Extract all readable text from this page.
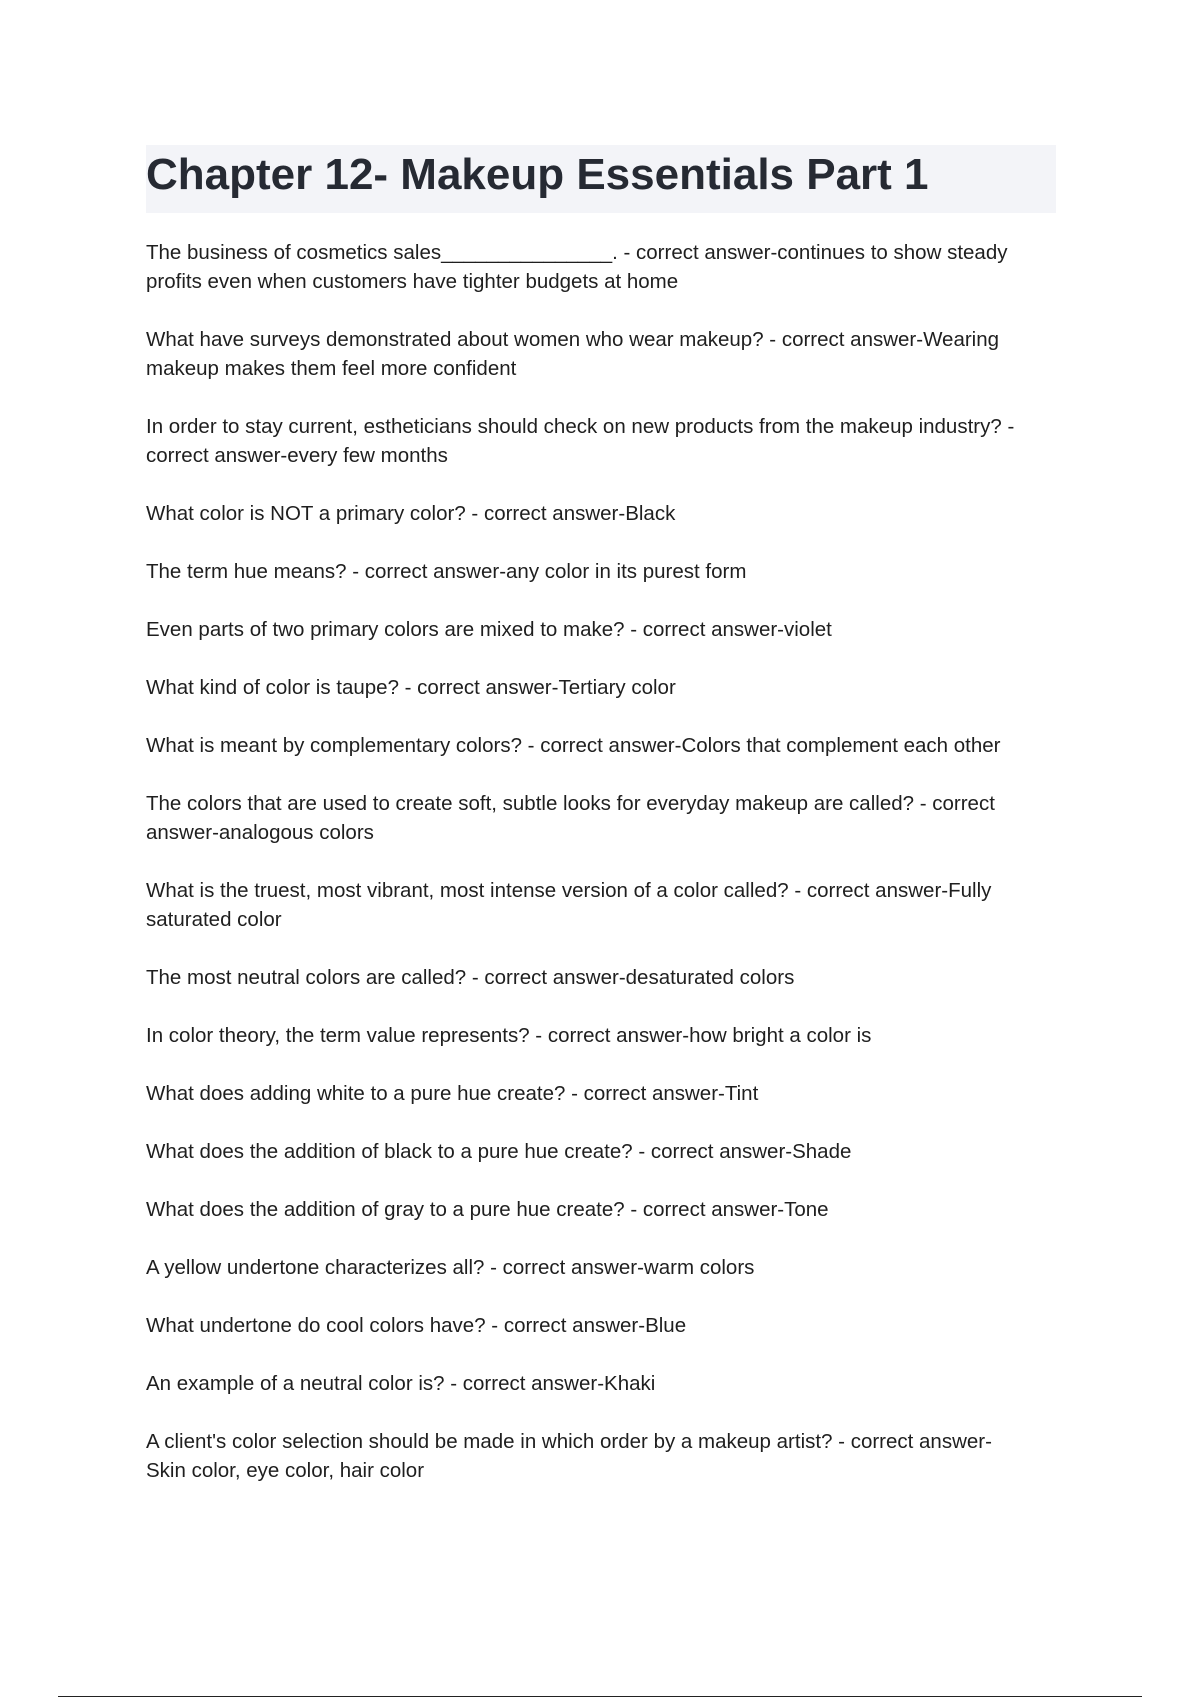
Chapter 12- Makeup Essentials Part 1
The business of cosmetics sales_______________. - correct answer-continues to show steady profits even when customers have tighter budgets at home
What have surveys demonstrated about women who wear makeup? - correct answer-Wearing makeup makes them feel more confident
In order to stay current, estheticians should check on new products from the makeup industry? - correct answer-every few months
What color is NOT a primary color? - correct answer-Black
The term hue means? - correct answer-any color in its purest form
Even parts of two primary colors are mixed to make? - correct answer-violet
What kind of color is taupe? - correct answer-Tertiary color
What is meant by complementary colors? - correct answer-Colors that complement each other
The colors that are used to create soft, subtle looks for everyday makeup are called? - correct answer-analogous colors
What is the truest, most vibrant, most intense version of a color called? - correct answer-Fully saturated color
The most neutral colors are called? - correct answer-desaturated colors
In color theory, the term value represents? - correct answer-how bright a color is
What does adding white to a pure hue create? - correct answer-Tint
What does the addition of black to a pure hue create? - correct answer-Shade
What does the addition of gray to a pure hue create? - correct answer-Tone
A yellow undertone characterizes all? - correct answer-warm colors
What undertone do cool colors have? - correct answer-Blue
An example of a neutral color is? - correct answer-Khaki
A client's color selection should be made in which order by a makeup artist? - correct answer-Skin color, eye color, hair color
